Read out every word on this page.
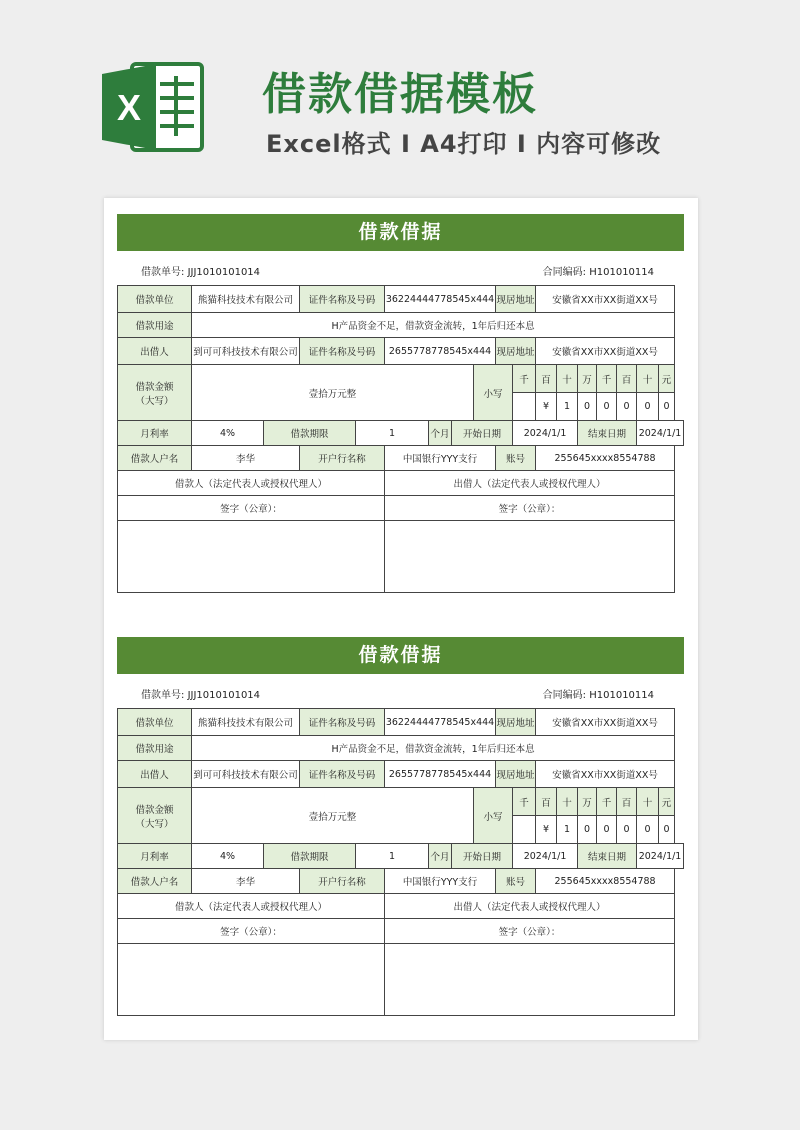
X	借款借据模板
Excel格式 I A4打印 I 内容可修改
借款借据
借款单号: JJJ1010101014	合同编码: H101010114
借款单位	熊猫科技技术有限公司		证件名称及号码		36224444778545x444				现居地址		安徽省XX市XX街道XX号						
借款用途	H产品资金不足，借款资金流转，1年后归还本息																
出借人	到可可科技技术有限公司		证件名称及号码		2655778778545x444				现居地址		安徽省XX市XX街道XX号						
借款金额
（大写）	壹拾万元整							小写		千	百	十	万	千	百	十	元
											¥	1	0	0	0	0	0
月利率	4%	借款期限		1		个月	开始日期			2024/1/1			结束日期			2024/1/1	
借款人户名	李华		开户行名称		中国银行YYY支行				账号		255645xxxx8554788						
借款人（法定代表人或授权代理人）					出借人（法定代表人或授权代理人）												
签字（公章）：					签字（公章）：												

借款借据
借款单号: JJJ1010101014	合同编码: H101010114
借款单位	熊猫科技技术有限公司		证件名称及号码		36224444778545x444				现居地址		安徽省XX市XX街道XX号						
借款用途	H产品资金不足，借款资金流转，1年后归还本息																
出借人	到可可科技技术有限公司		证件名称及号码		2655778778545x444				现居地址		安徽省XX市XX街道XX号						
借款金额
（大写）	壹拾万元整							小写		千	百	十	万	千	百	十	元
											¥	1	0	0	0	0	0
月利率	4%	借款期限		1		个月	开始日期			2024/1/1			结束日期			2024/1/1	
借款人户名	李华		开户行名称		中国银行YYY支行				账号		255645xxxx8554788						
借款人（法定代表人或授权代理人）					出借人（法定代表人或授权代理人）												
签字（公章）：					签字（公章）：												
